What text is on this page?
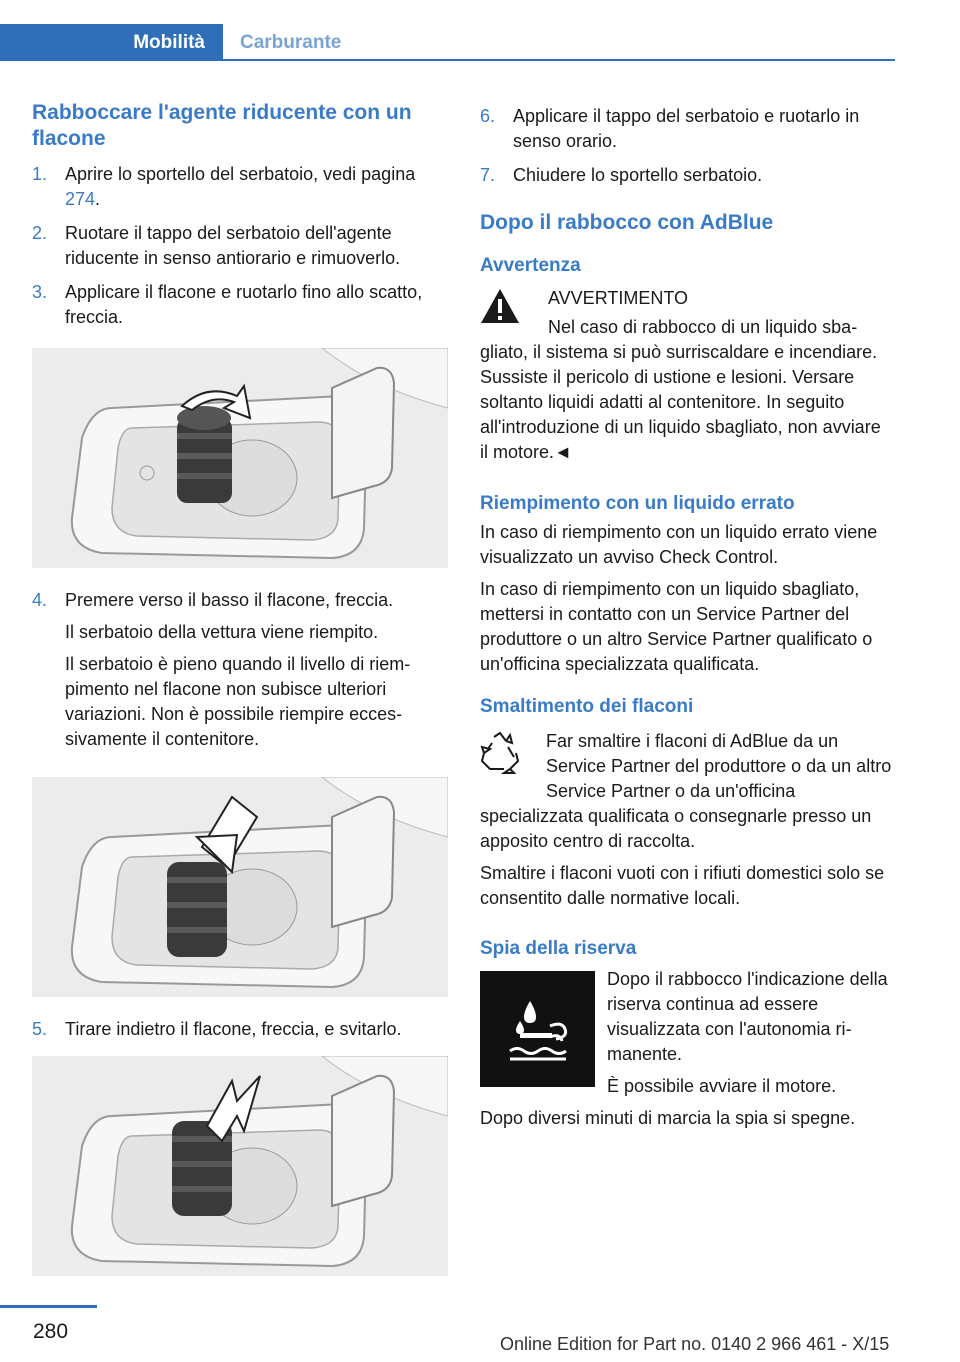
Mobilità	Carburante
Rabboccare l'agente riducente con un flacone
1. Aprire lo sportello del serbatoio, vedi pagina 274.
2. Ruotare il tappo del serbatoio dell'agente riducente in senso antiorario e rimuoverlo.
3. Applicare il flacone e ruotarlo fino allo scatto, freccia.
4. Premere verso il basso il flacone, freccia.

Il serbatoio della vettura viene riempito.

Il serbatoio è pieno quando il livello di riempimento nel flacone non subisce ulteriori variazioni. Non è possibile riempire eccessivamente il contenitore.

5. Tirare indietro il flacone, freccia, e svitarlo.
6. Applicare il tappo del serbatoio e ruotarlo in senso orario.
7. Chiudere lo sportello serbatoio.
Dopo il rabbocco con AdBlue
Avvertenza

AVVERTIMENTO

Nel caso di rabbocco di un liquido sbagliato, il sistema si può surriscaldare e incendiare. Sussiste il pericolo di ustione e lesioni. Versare soltanto liquidi adatti al contenitore. In seguito all'introduzione di un liquido sbagliato, non avviare il motore.◄

Riempimento con un liquido errato

In caso di riempimento con un liquido errato viene visualizzato un avviso Check Control.

In caso di riempimento con un liquido sbagliato, mettersi in contatto con un Service Partner del produttore o un altro Service Partner qualificato o un'officina specializzata qualificata.

Smaltimento dei flaconi

Far smaltire i flaconi di AdBlue da un Service Partner del produttore o da un altro Service Partner o da un'officina specializzata qualificata o consegnarle presso un apposito centro di raccolta.

Smaltire i flaconi vuoti con i rifiuti domestici solo se consentito dalle normative locali.

Spia della riserva

Dopo il rabbocco l'indicazione della riserva continua ad essere visualizzata con l'autonomia rimanente.

È possibile avviare il motore.

Dopo diversi minuti di marcia la spia si spegne.

280
Online Edition for Part no. 0140 2 966 461 - X/15
